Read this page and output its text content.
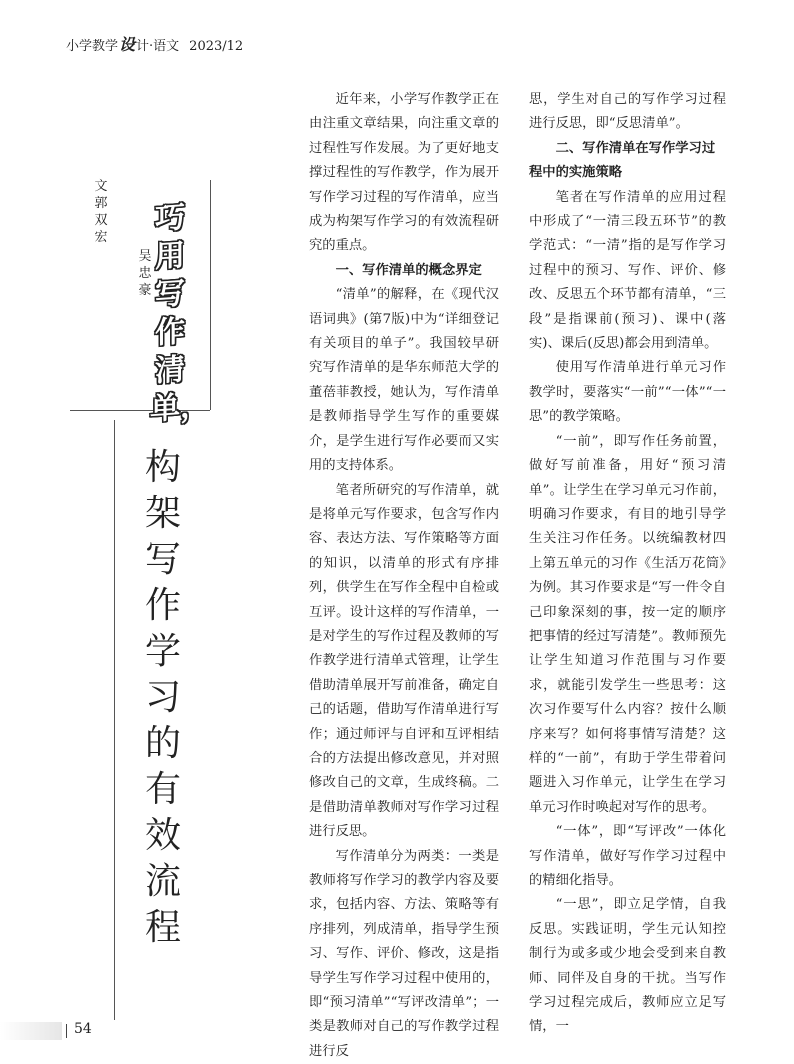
小学教学设计·语文 2023/12
文 郭双宏
吴忠豪
巧用写作清单，
构架写作学习的有效流程

近年来，小学写作教学正在由注重文章结果，向注重文章的过程性写作发展。为了更好地支撑过程性的写作教学，作为展开写作学习过程的写作清单，应当成为构架写作学习的有效流程研究的重点。

一、写作清单的概念界定

“清单”的解释，在《现代汉语词典》(第7版)中为“详细登记有关项目的单子”。我国较早研究写作清单的是华东师范大学的董蓓菲教授，她认为，写作清单是教师指导学生写作的重要媒介，是学生进行写作必要而又实用的支持体系。

笔者所研究的写作清单，就是将单元写作要求，包含写作内容、表达方法、写作策略等方面的知识，以清单的形式有序排列，供学生在写作全程中自检或互评。设计这样的写作清单，一是对学生的写作过程及教师的写作教学进行清单式管理，让学生借助清单展开写前准备，确定自己的话题，借助写作清单进行写作；通过师评与自评和互评相结合的方法提出修改意见，并对照修改自己的文章，生成终稿。二是借助清单教师对写作学习过程进行反思。

写作清单分为两类：一类是教师将写作学习的教学内容及要求，包括内容、方法、策略等有序排列，列成清单，指导学生预习、写作、评价、修改，这是指导学生写作学习过程中使用的，即“预习清单”“写评改清单”；一类是教师对自己的写作教学过程进行反

思，学生对自己的写作学习过程进行反思，即“反思清单”。

二、写作清单在写作学习过程中的实施策略

笔者在写作清单的应用过程中形成了“一清三段五环节”的教学范式：“一清”指的是写作学习过程中的预习、写作、评价、修改、反思五个环节都有清单，“三段”是指课前(预习)、课中(落实)、课后(反思)都会用到清单。

使用写作清单进行单元习作教学时，要落实“一前”“一体”“一思”的教学策略。

“一前”，即写作任务前置，做好写前准备，用好“预习清单”。让学生在学习单元习作前，明确习作要求，有目的地引导学生关注习作任务。以统编教材四上第五单元的习作《生活万花筒》为例。其习作要求是“写一件令自己印象深刻的事，按一定的顺序把事情的经过写清楚”。教师预先让学生知道习作范围与习作要求，就能引发学生一些思考：这次习作要写什么内容？按什么顺序来写？如何将事情写清楚？这样的“一前”，有助于学生带着问题进入习作单元，让学生在学习单元习作时唤起对写作的思考。

“一体”，即“写评改”一体化写作清单，做好写作学习过程中的精细化指导。

“一思”，即立足学情，自我反思。实践证明，学生元认知控制行为或多或少地会受到来自教师、同伴及自身的干扰。当写作学习过程完成后，教师应立足写情，一

54
